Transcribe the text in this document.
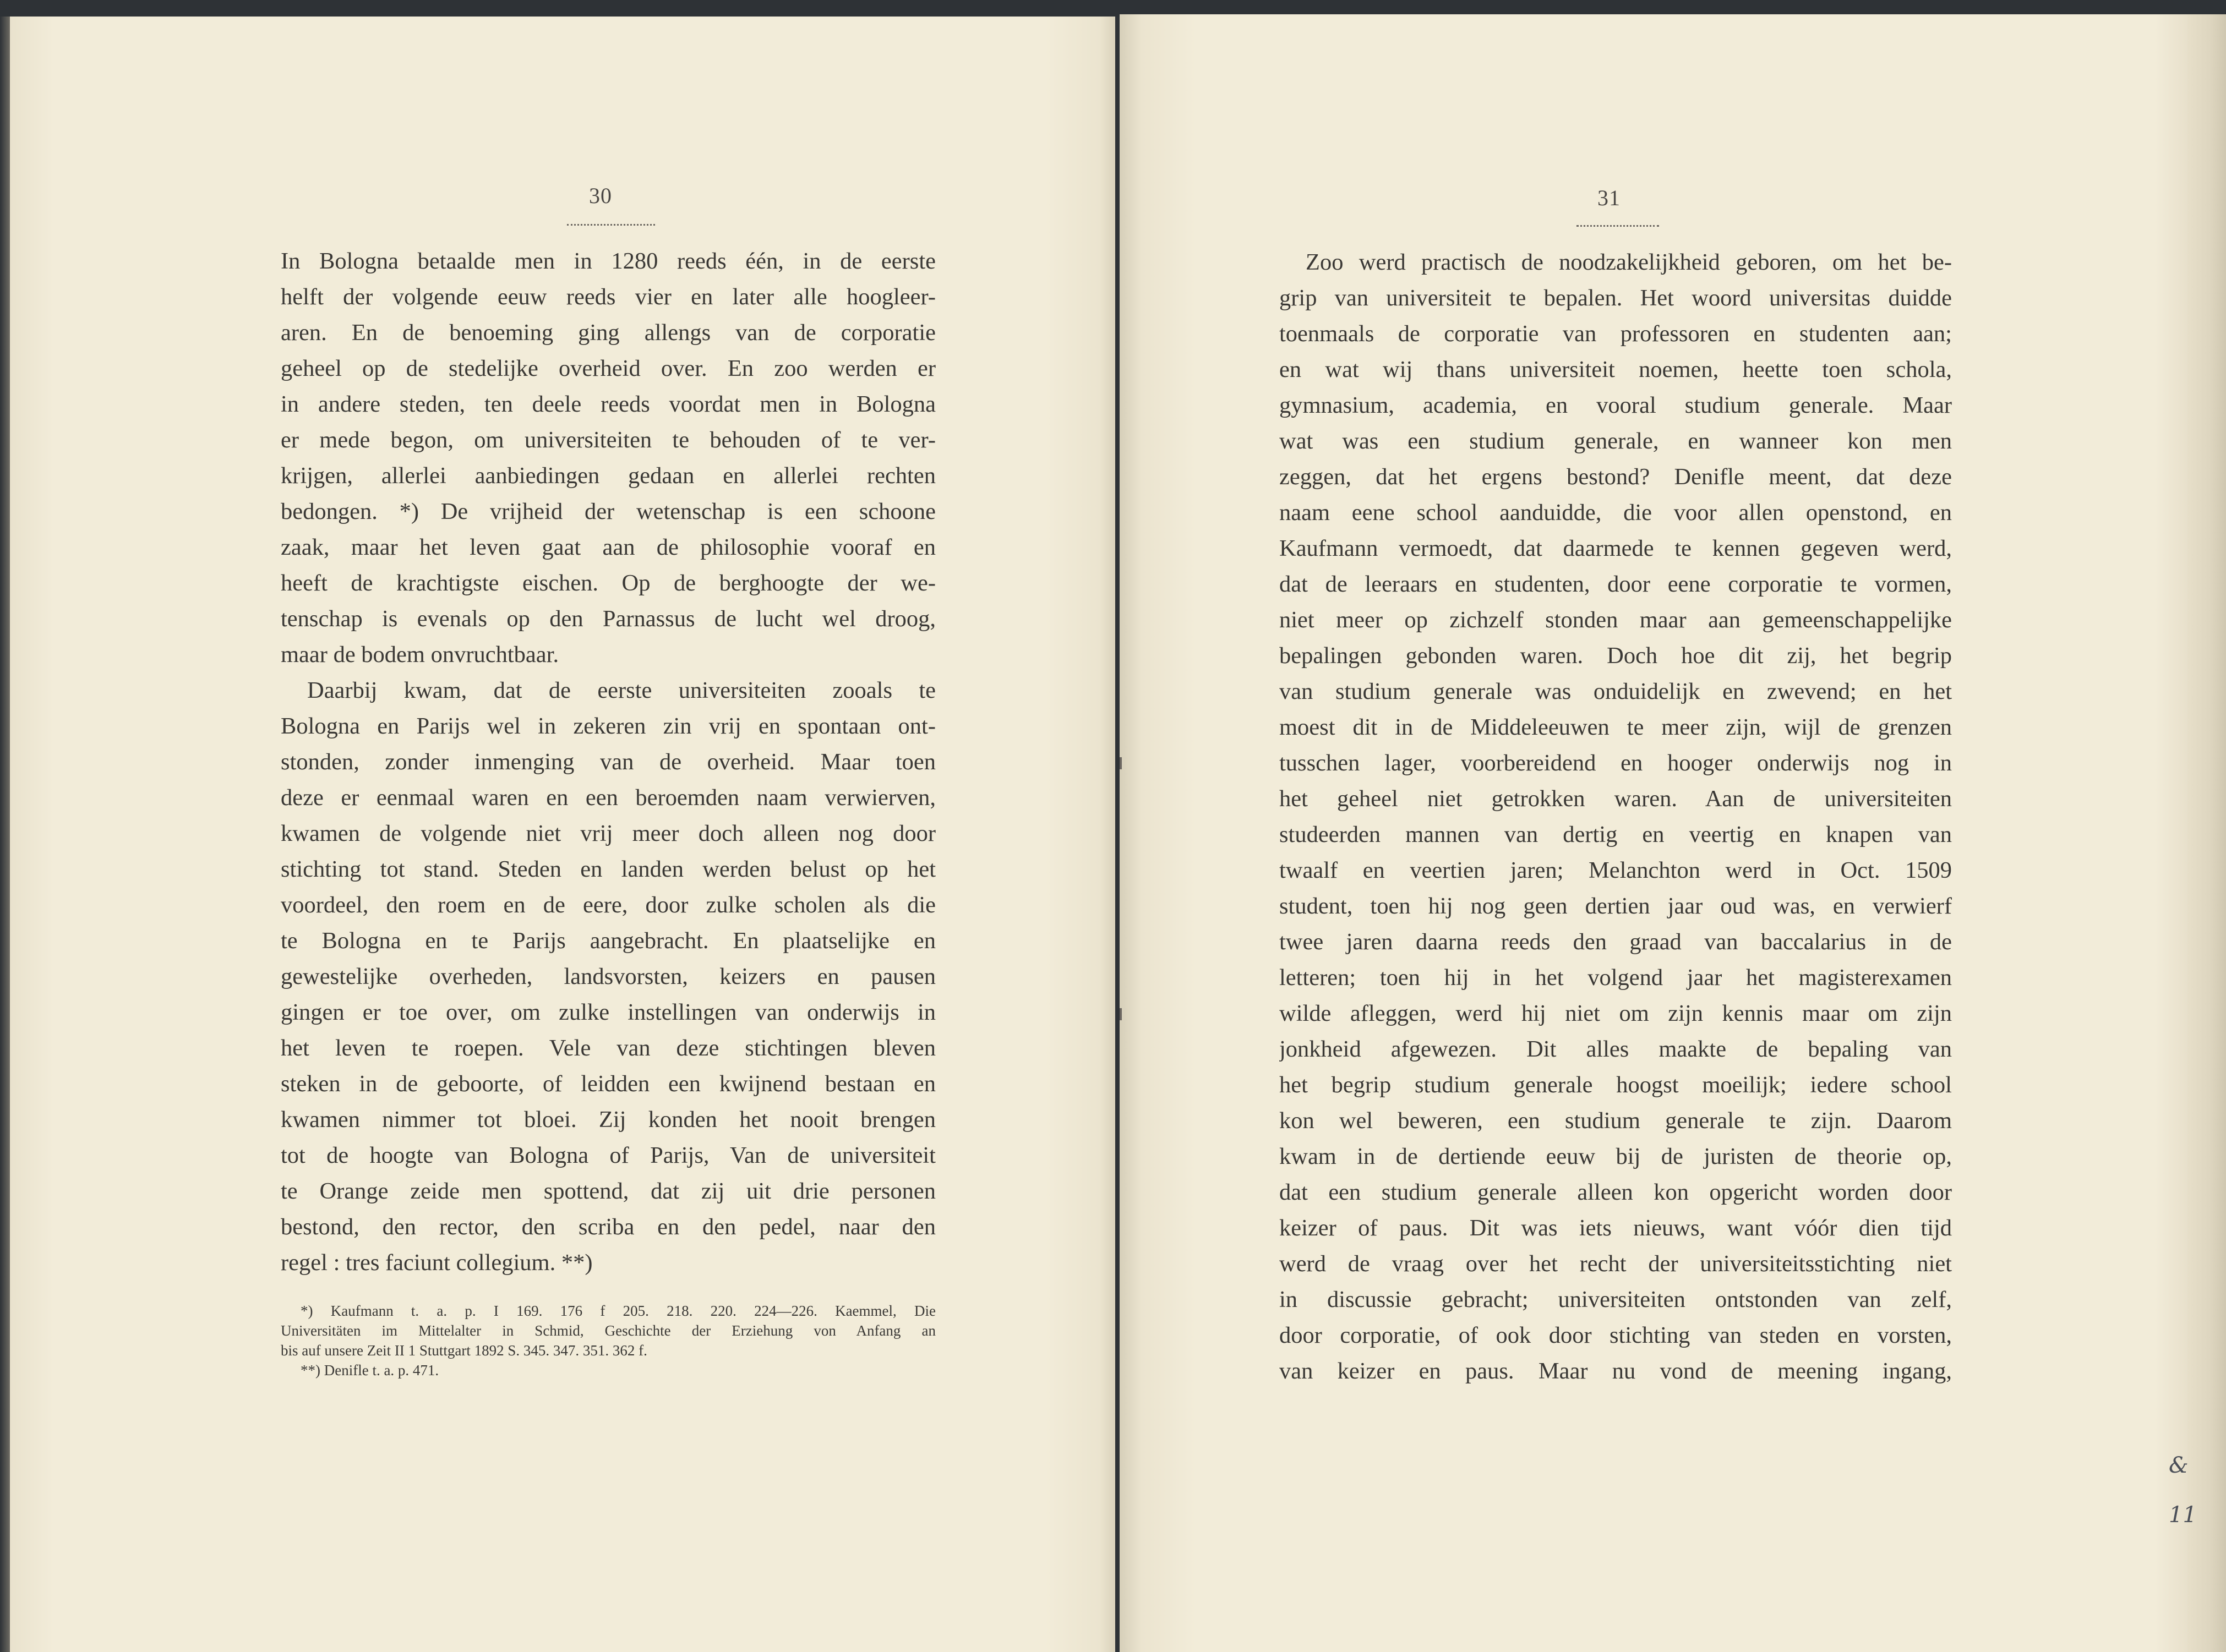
30
In Bologna betaalde men in 1280 reeds één, in de eerste
helft der volgende eeuw reeds vier en later alle hoogleer-
aren. En de benoeming ging allengs van de corporatie
geheel op de stedelijke overheid over. En zoo werden er
in andere steden, ten deele reeds voordat men in Bologna
er mede begon, om universiteiten te behouden of te ver-
krijgen, allerlei aanbiedingen gedaan en allerlei rechten
bedongen. *) De vrijheid der wetenschap is een schoone
zaak, maar het leven gaat aan de philosophie vooraf en
heeft de krachtigste eischen. Op de berghoogte der we-
tenschap is evenals op den Parnassus de lucht wel droog,
maar de bodem onvruchtbaar.
Daarbij kwam, dat de eerste universiteiten zooals te
Bologna en Parijs wel in zekeren zin vrij en spontaan ont-
stonden, zonder inmenging van de overheid. Maar toen
deze er eenmaal waren en een beroemden naam verwierven,
kwamen de volgende niet vrij meer doch alleen nog door
stichting tot stand. Steden en landen werden belust op het
voordeel, den roem en de eere, door zulke scholen als die
te Bologna en te Parijs aangebracht. En plaatselijke en
gewestelijke overheden, landsvorsten, keizers en pausen
gingen er toe over, om zulke instellingen van onderwijs in
het leven te roepen. Vele van deze stichtingen bleven
steken in de geboorte, of leidden een kwijnend bestaan en
kwamen nimmer tot bloei. Zij konden het nooit brengen
tot de hoogte van Bologna of Parijs, Van de universiteit
te Orange zeide men spottend, dat zij uit drie personen
bestond, den rector, den scriba en den pedel, naar den
regel : tres faciunt collegium. **)
*) Kaufmann t. a. p. I 169. 176 f 205. 218. 220. 224—226. Kaemmel, Die
Universitäten im Mittelalter in Schmid, Geschichte der Erziehung von Anfang an
bis auf unsere Zeit II 1 Stuttgart 1892 S. 345. 347. 351. 362 f.
**) Denifle t. a. p. 471.
31
Zoo werd practisch de noodzakelijkheid geboren, om het be-
grip van universiteit te bepalen. Het woord universitas duidde
toenmaals de corporatie van professoren en studenten aan;
en wat wij thans universiteit noemen, heette toen schola,
gymnasium, academia, en vooral studium generale. Maar
wat was een studium generale, en wanneer kon men
zeggen, dat het ergens bestond? Denifle meent, dat deze
naam eene school aanduidde, die voor allen openstond, en
Kaufmann vermoedt, dat daarmede te kennen gegeven werd,
dat de leeraars en studenten, door eene corporatie te vormen,
niet meer op zichzelf stonden maar aan gemeenschappelijke
bepalingen gebonden waren. Doch hoe dit zij, het begrip
van studium generale was onduidelijk en zwevend; en het
moest dit in de Middeleeuwen te meer zijn, wijl de grenzen
tusschen lager, voorbereidend en hooger onderwijs nog in
het geheel niet getrokken waren. Aan de universiteiten
studeerden mannen van dertig en veertig en knapen van
twaalf en veertien jaren; Melanchton werd in Oct. 1509
student, toen hij nog geen dertien jaar oud was, en verwierf
twee jaren daarna reeds den graad van baccalarius in de
letteren; toen hij in het volgend jaar het magisterexamen
wilde afleggen, werd hij niet om zijn kennis maar om zijn
jonkheid afgewezen. Dit alles maakte de bepaling van
het begrip studium generale hoogst moeilijk; iedere school
kon wel beweren, een studium generale te zijn. Daarom
kwam in de dertiende eeuw bij de juristen de theorie op,
dat een studium generale alleen kon opgericht worden door
keizer of paus. Dit was iets nieuws, want vóór dien tijd
werd de vraag over het recht der universiteitsstichting niet
in discussie gebracht; universiteiten ontstonden van zelf,
door corporatie, of ook door stichting van steden en vorsten,
van keizer en paus. Maar nu vond de meening ingang,
&
11
